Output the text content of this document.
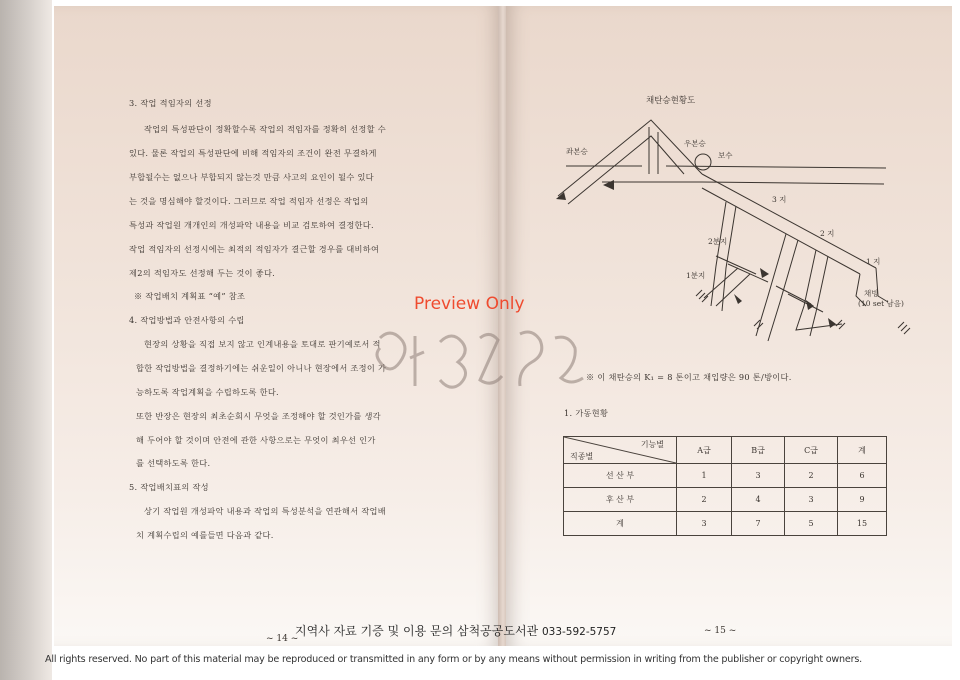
3. 작업 적임자의 선정
작업의 특성판단이 정확할수록 작업의 적임자를 정확히 선정할 수
있다. 물론 작업의 특성판단에 비해 적임자의 조건이 완전 무결하게
부합될수는 없으나 부합되지 않는것 만큼 사고의 요인이 될수 있다
는 것을 명심해야 할것이다. 그러므로 작업 적임자 선정은 작업의
특성과 작업원 개개인의 개성파악 내용을 비교 검토하여 결정한다.
작업 적임자의 선정시에는 최적의 적임자가 결근할 경우를 대비하여
제2의 적임자도 선정해 두는 것이 좋다.
※ 작업배치 계획표 “예” 참조
4. 작업방법과 안전사항의 수립
현장의 상황을 직접 보지 않고 인계내용을 토대로 판기예로서 적
합한 작업방법을 결정하기에는 쉬운일이 아니나 현장에서 조정이 가
능하도록 작업계획을 수립하도록 한다.
또한 반장은 현장의 최초순회시 무엇을 조정해야 할 것인가를 생각
해 두어야 할 것이며 안전에 관한 사항으로는 무엇이 최우선 인가
를 선택하도록 한다.
5. 작업배치표의 작성
상기 작업원 개성파악 내용과 작업의 특성분석을 연관해서 작업배
치 계획수립의 예를들면 다음과 같다.
~ 14 ~
채탄승현황도
좌본승
우본승
보수
3 지
2 지
1 지
2분지
1분지
채빙
(10 set 남음)
※ 이 채탄승의 K₁ = 8 톤이고 채입량은 90 톤/방이다.
1. 가동현황
~ 15 ~
기능별
직종별	A급	B급	C급	계
선 산 부	1	3	2	6
후 산 부	2	4	3	9
계	3	7	5	15
Preview Only
지역사 자료 기증 및 이용 문의 삼척공공도서관 033-592-5757
All rights reserved. No part of this material may be reproduced or transmitted in any form or by any means without permission in writing from the publisher or copyright owners.
